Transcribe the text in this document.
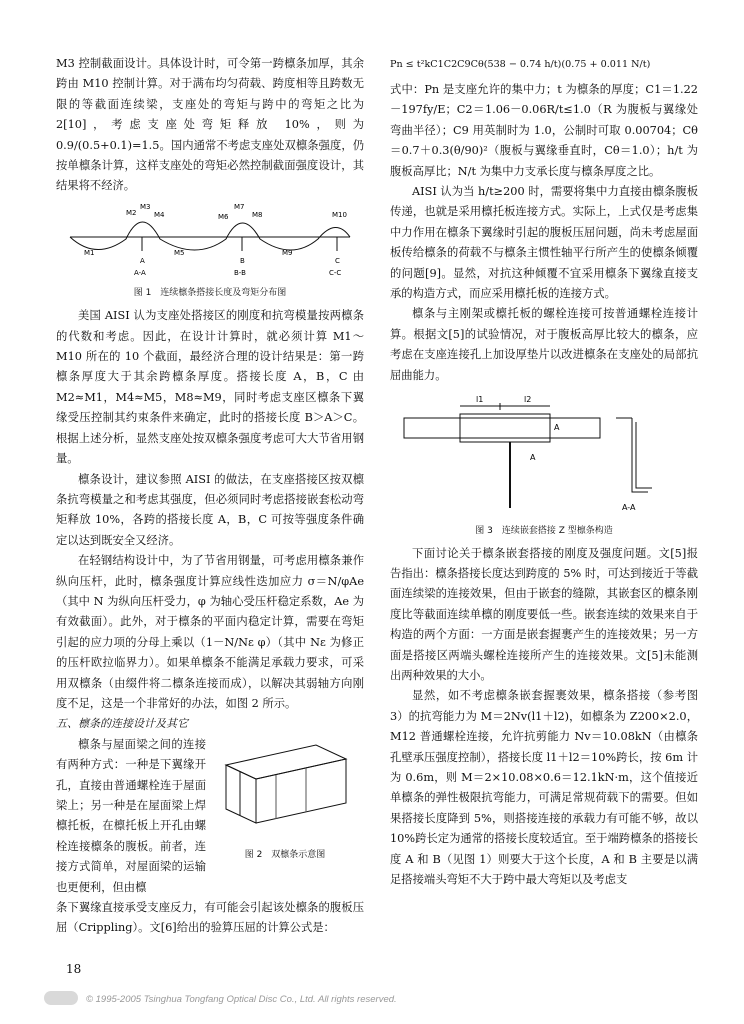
M3 控制截面设计。具体设计时，可令第一跨檩条加厚，其余跨由 M10 控制计算。对于满布均匀荷载、跨度相等且跨数无限的等截面连续梁，支座处的弯矩与跨中的弯矩之比为 2[10]，考虑支座处弯矩释放 10%，则为 0.9/(0.5+0.1)=1.5。国内通常不考虑支座处双檩条强度，仍按单檩条计算，这样支座处的弯矩必然控制截面强度设计，其结果将不经济。

M1
M2
M3
M4
M5
M6
M7
M8
M9
M10
A	B	C
A-A	B-B	C-C
图 1　连续檩条搭接长度及弯矩分布图

美国 AISI 认为支座处搭接区的刚度和抗弯模量按两檩条的代数和考虑。因此，在设计计算时，就必须计算 M1～M10 所在的 10 个截面，最经济合理的设计结果是：第一跨檩条厚度大于其余跨檩条厚度。搭接长度 A，B，C 由 M2≈M1，M4≈M5，M8≈M9，同时考虑支座区檩条下翼缘受压控制其约束条件来确定，此时的搭接长度 B＞A＞C。根据上述分析，显然支座处按双檩条强度考虑可大大节省用钢量。

檩条设计，建议参照 AISI 的做法，在支座搭接区按双檩条抗弯模量之和考虑其强度，但必须同时考虑搭接嵌套松动弯矩释放 10%，各跨的搭接长度 A，B，C 可按等强度条件确定以达到既安全又经济。

在轻钢结构设计中，为了节省用钢量，可考虑用檩条兼作纵向压杆，此时，檩条强度计算应线性迭加应力 σ＝N/φAe（其中 N 为纵向压杆受力，φ 为轴心受压杆稳定系数，Ae 为有效截面）。此外，对于檩条的平面内稳定计算，需要在弯矩引起的应力项的分母上乘以（1－N/Nε φ）（其中 Nε 为修正的压杆欧拉临界力）。如果单檩条不能满足承载力要求，可采用双檩条（由缀件将二檩条连接而成），以解决其弱轴方向刚度不足，这是一个非常好的办法，如图 2 所示。

五、檩条的连接设计及其它

檩条与屋面梁之间的连接有两种方式：一种是下翼缘开孔，直接由普通螺栓连于屋面梁上；另一种是在屋面梁上焊檩托板，在檩托板上开孔由螺栓连接檩条的腹板。前者，连接方式简单，对屋面梁的运输也更便利，但由檩

图 2　双檩条示意图

条下翼缘直接承受支座反力，有可能会引起该处檩条的腹板压屈（Crippling）。文[6]给出的验算压屈的计算公式是：

Pn ≤ t²kC1C2C9Cθ(538 − 0.74 h/t)(0.75 + 0.011 N/t)

式中：Pn 是支座允许的集中力；t 为檩条的厚度；C1＝1.22－197fy/E；C2＝1.06－0.06R/t≤1.0（R 为腹板与翼缘处弯曲半径）；C9 用英制时为 1.0，公制时可取 0.00704；Cθ＝0.7＋0.3(θ/90)²（腹板与翼缘垂直时，Cθ＝1.0）；h/t 为腹板高厚比；N/t 为集中力支承长度与檩条厚度之比。

AISI 认为当 h/t≥200 时，需要将集中力直接由檩条腹板传递，也就是采用檩托板连接方式。实际上，上式仅是考虑集中力作用在檩条下翼缘时引起的腹板压屈问题，尚未考虑屋面板传给檩条的荷载不与檩条主惯性轴平行所产生的使檩条倾覆的问题[9]。显然，对抗这种倾覆不宜采用檩条下翼缘直接支承的构造方式，而应采用檩托板的连接方式。

檩条与主刚架或檩托板的螺栓连接可按普通螺栓连接计算。根据文[5]的试验情况，对于腹板高厚比较大的檩条，应考虑在支座连接孔上加设厚垫片以改进檩条在支座处的局部抗屈曲能力。

l1	l2
A
A
A-A
图 3　连续嵌套搭接 Z 型檩条构造

下面讨论关于檩条嵌套搭接的刚度及强度问题。文[5]报告指出：檩条搭接长度达到跨度的 5% 时，可达到接近于等截面连续梁的连接效果，但由于嵌套的缝隙，其嵌套区的檩条刚度比等截面连续单檩的刚度要低一些。嵌套连续的效果来自于构造的两个方面：一方面是嵌套握裹产生的连接效果；另一方面是搭接区两端头螺栓连接所产生的连接效果。文[5]未能测出两种效果的大小。

显然，如不考虑檩条嵌套握裹效果，檩条搭接（参考图 3）的抗弯能力为 M＝2Nv(l1＋l2)，如檩条为 Z200×2.0，M12 普通螺栓连接，允许抗剪能力 Nv＝10.08kN（由檩条孔壁承压强度控制），搭接长度 l1＋l2＝10%跨长，按 6m 计为 0.6m，则 M＝2×10.08×0.6＝12.1kN·m，这个值接近单檩条的弹性极限抗弯能力，可满足常规荷载下的需要。但如果搭接长度降到 5%，则搭接连接的承载力有可能不够，故以 10%跨长定为通常的搭接长度较适宜。至于端跨檩条的搭接长度 A 和 B（见图 1）则要大于这个长度，A 和 B 主要是以满足搭接端头弯矩不大于跨中最大弯矩以及考虑支

18
© 1995-2005 Tsinghua Tongfang Optical Disc Co., Ltd. All rights reserved.
